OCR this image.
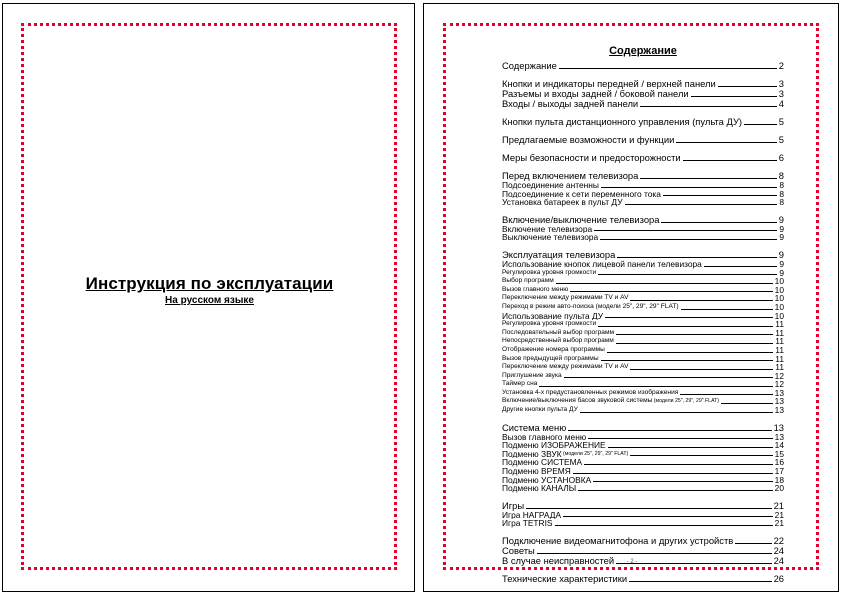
Инструкция по эксплуатации
На русском языке
Содержание
Содержание	2
Кнопки и индикаторы передней / верхней панели	3
Разъемы и входы задней / боковой панели	3
Входы / выходы задней панели	4
Кнопки пульта дистанционного управления (пульта ДУ)	5
Предлагаемые возможности и функции	5
Меры безопасности и предосторожности	6
Перед включением телевизора	8
Подсоединение антенны	8
Подсоединение к сети переменного тока	8
Установка батареек в пульт ДУ	8
Включение/выключение телевизора	9
Включение телевизора	9
Выключение телевизора	9
Эксплуатация телевизора	9
Использование кнопок лицевой панели телевизора	9
Регулировка уровня громкости	9
Выбор программ	10
Вызов главного меню	10
Переключение между режимами TV и AV	10
Переход в режим авто-поиска (модели 25", 29", 29" FLAT)	10
Использование пульта ДУ	10
Регулировка уровня громкости	11
Последовательный выбор программ	11
Непосредственный выбор программ	11
Отображение номера программы	11
Вызов предыдущей программы	11
Переключение между режимами TV и AV	11
Приглушение звука	12
Таймер сна	12
Установка 4-х предустановленных режимов изображения	13
Включение/выключения басов звуковой системы (модели 25", 29", 29" FLAT)	13
Другие кнопки пульта ДУ	13
Система меню	13
Вызов главного меню	13
Подменю ИЗОБРАЖЕНИЕ	14
Подменю ЗВУК (модели 25", 29", 29" FLAT)	15
Подменю СИСТЕМА	16
Подменю ВРЕМЯ	17
Подменю УСТАНОВКА	18
Подменю КАНАЛЫ	20
Игры	21
Игра НАГРАДА	21
Игра TETRIS	21
Подключение видеомагнитофона и других устройств	22
Советы	24
В случае неисправностей	24
Технические характеристики	26
- 2 -
